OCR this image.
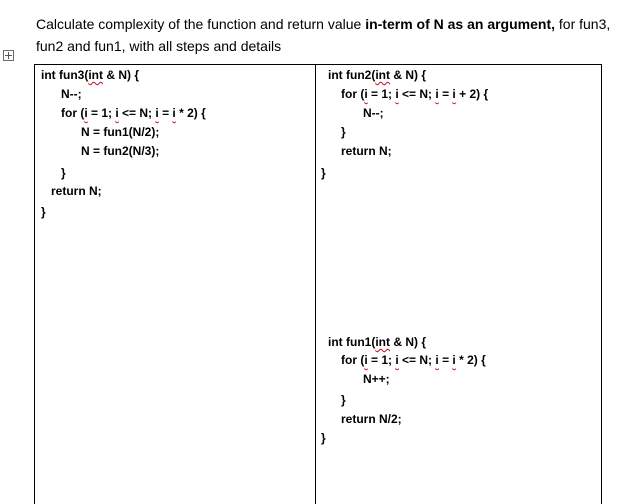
Calculate complexity of the function and return value in-term of N as an argument, for fun3, fun2 and fun1, with all steps and details
int fun3(int & N) {
N--;
for (i = 1; i <= N; i = i * 2) {
N = fun1(N/2);
N = fun2(N/3);
}
return N;
}
int fun2(int & N) {
for (i = 1; i <= N; i = i + 2) {
N--;
}
return N;
}
int fun1(int & N) {
for (i = 1; i <= N; i = i * 2) {
N++;
}
return N/2;
}
